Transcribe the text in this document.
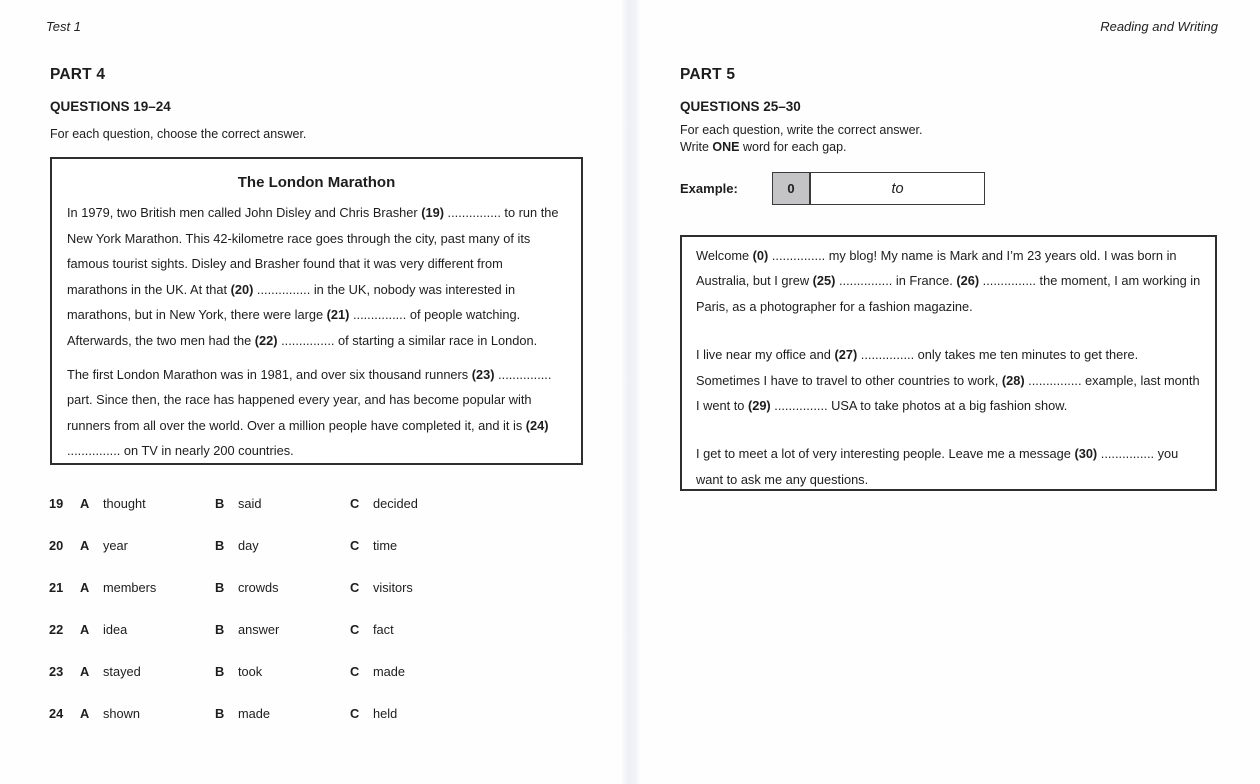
Test 1
PART 4
QUESTIONS 19–24
For each question, choose the correct answer.
The London Marathon

In 1979, two British men called John Disley and Chris Brasher (19) ............... to run the New York Marathon. This 42-kilometre race goes through the city, past many of its famous tourist sights. Disley and Brasher found that it was very different from marathons in the UK. At that (20) ............... in the UK, nobody was interested in marathons, but in New York, there were large (21) ............... of people watching. Afterwards, the two men had the (22) ............... of starting a similar race in London.

The first London Marathon was in 1981, and over six thousand runners (23) ............... part. Since then, the race has happened every year, and has become popular with runners from all over the world. Over a million people have completed it, and it is (24) ............... on TV in nearly 200 countries.

19	A	thought	B	said	C	decided
20	A	year	B	day	C	time
21	A	members	B	crowds	C	visitors
22	A	idea	B	answer	C	fact
23	A	stayed	B	took	C	made
24	A	shown	B	made	C	held
Reading and Writing
PART 5
QUESTIONS 25–30
For each question, write the correct answer.
Write ONE word for each gap.
Example:	0	to

Welcome (0) ............... my blog! My name is Mark and I’m 23 years old. I was born in Australia, but I grew (25) ............... in France. (26) ............... the moment, I am working in Paris, as a photographer for a fashion magazine.

I live near my office and (27) ............... only takes me ten minutes to get there. Sometimes I have to travel to other countries to work, (28) ............... example, last month I went to (29) ............... USA to take photos at a big fashion show.

I get to meet a lot of very interesting people. Leave me a message (30) ............... you want to ask me any questions.
